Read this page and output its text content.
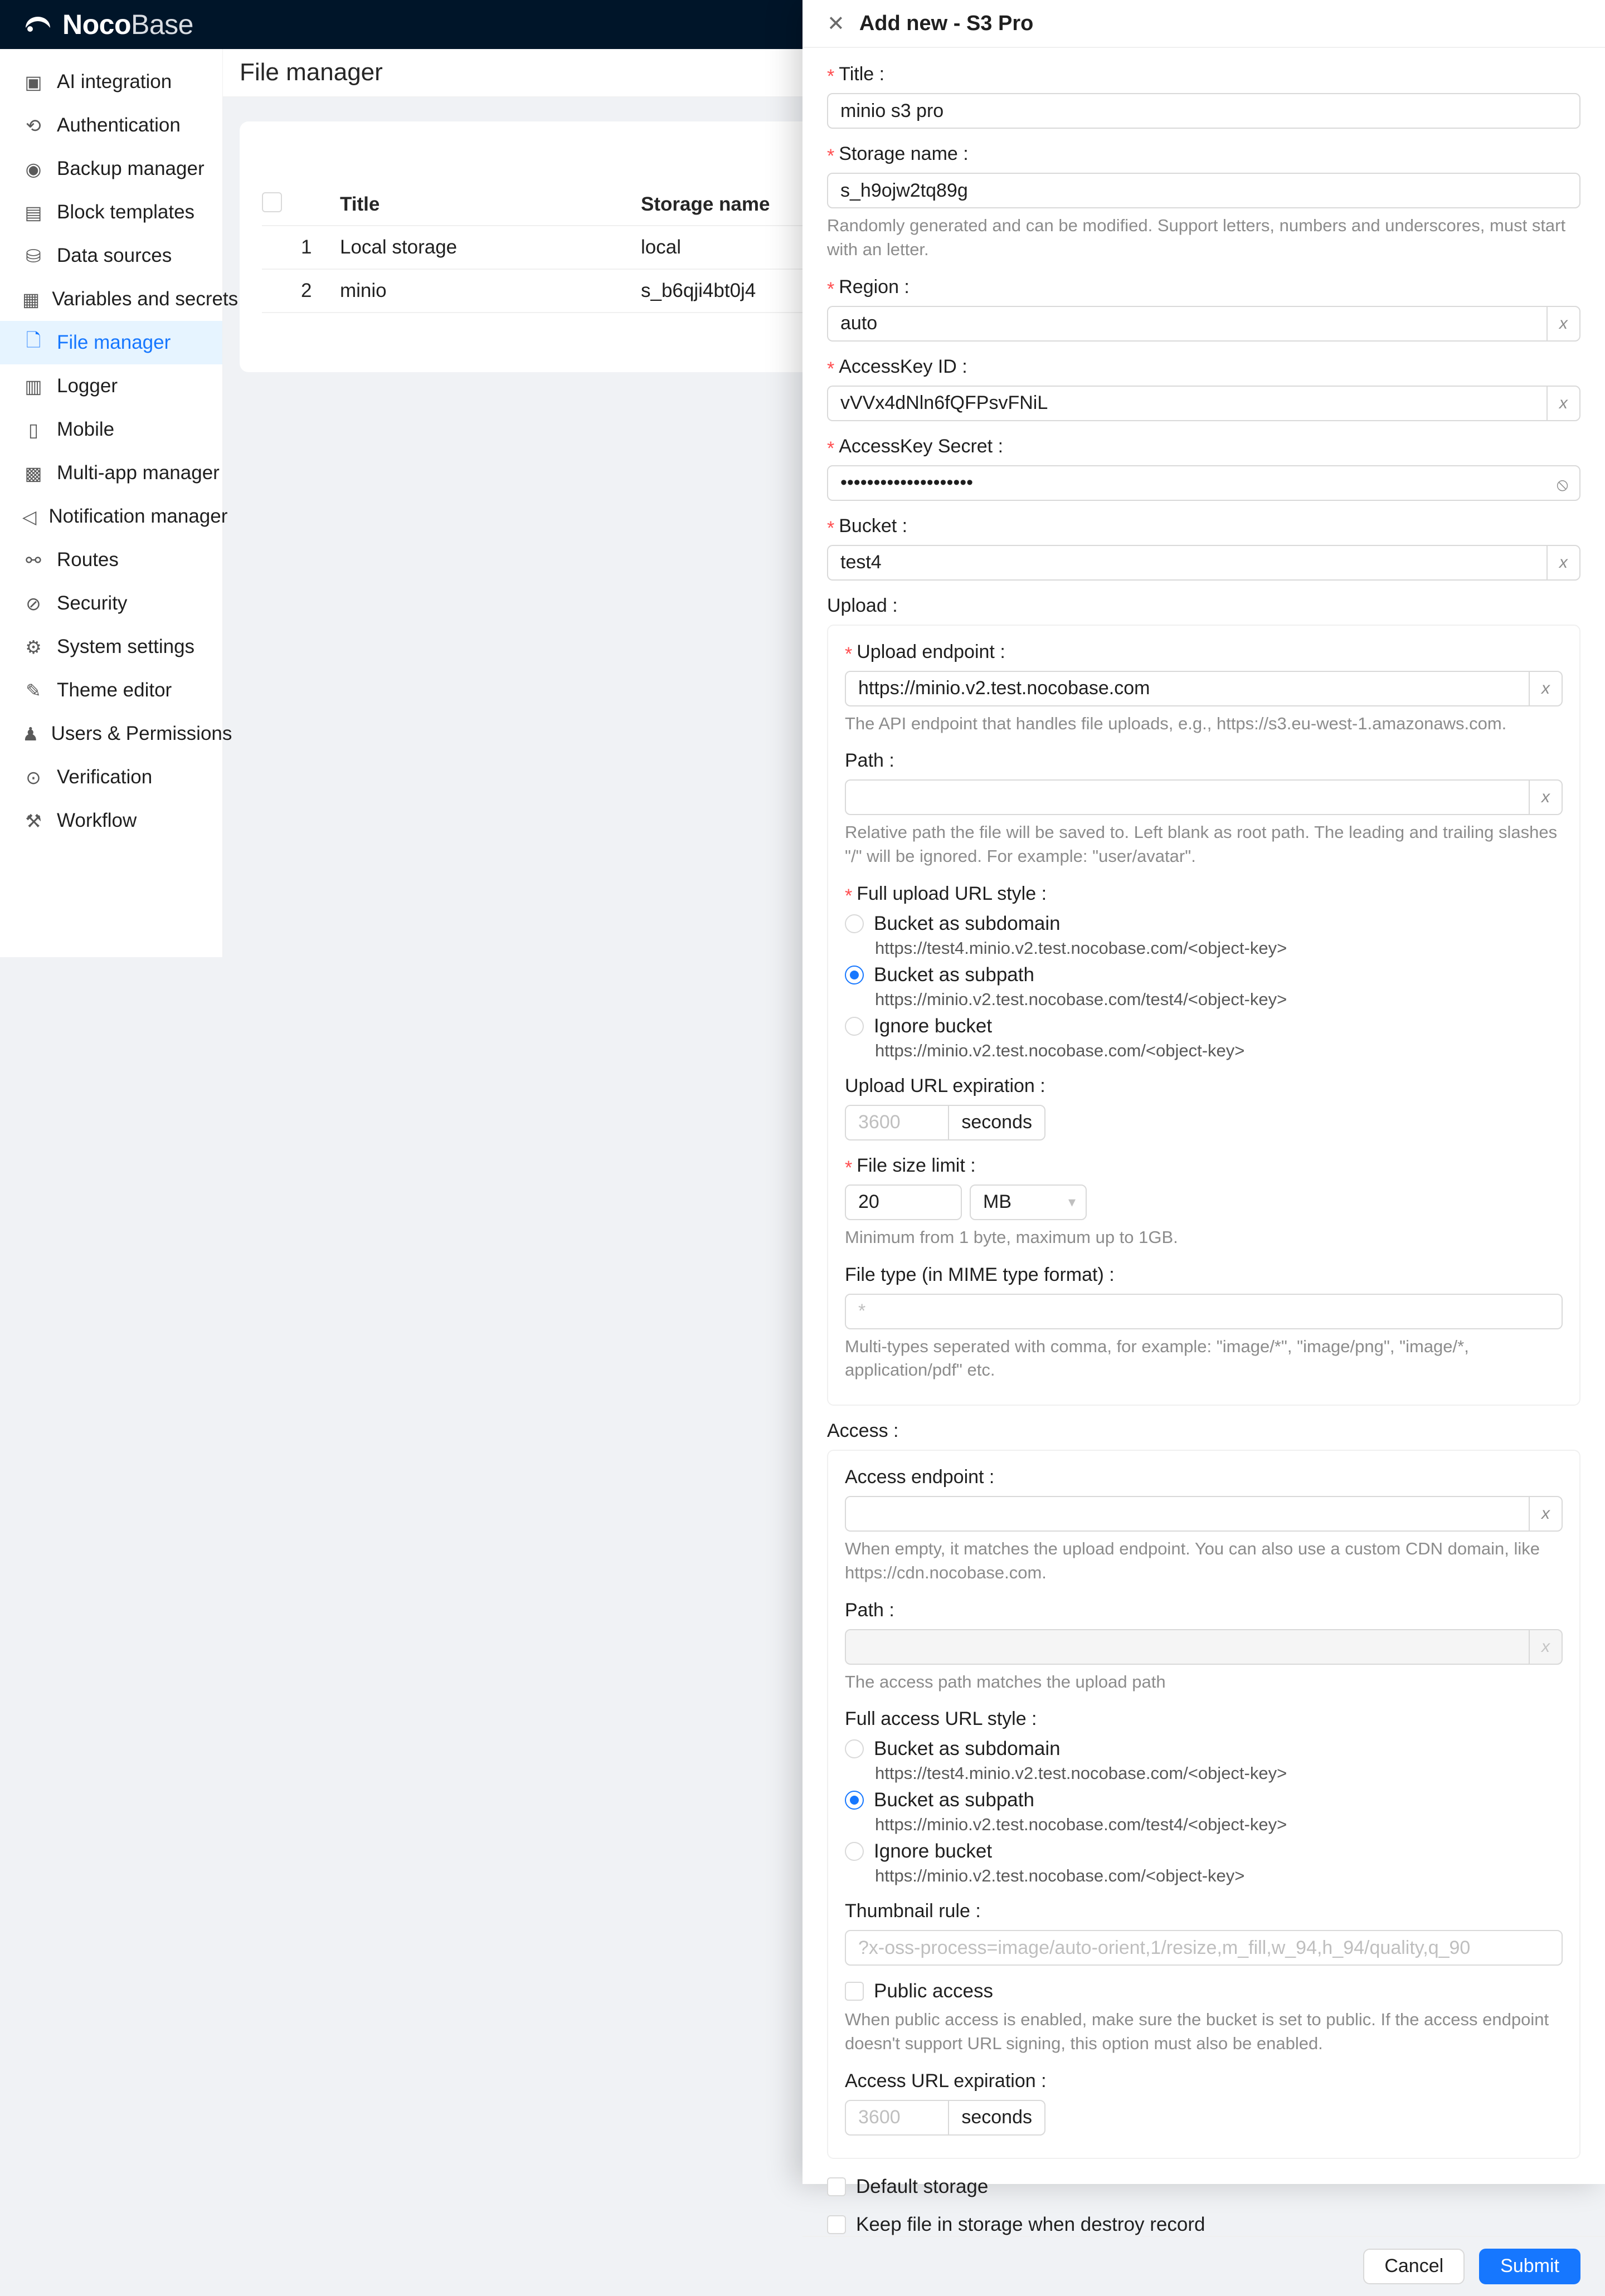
NocoBase
▣ AI integration
⟲ Authentication
◉ Backup manager
▤ Block templates
⛁ Data sources
▦ Variables and secrets
🗋 File manager
▥ Logger
▯ Mobile
▩ Multi-app manager
◁ Notification manager
⚯ Routes
⊘ Security
⚙ System settings
✎ Theme editor
♟ Users & Permissions
⊙ Verification
⚒ Workflow
File manager
Title	Storage name
1	Local storage	local
2	minio	s_b6qji4bt0j4
✕ Add new - S3 Pro
* Title :
minio s3 pro
* Storage name :
s_h9ojw2tq89g
Randomly generated and can be modified. Support letters, numbers and underscores, must start with an letter.
* Region :
auto	x
* AccessKey ID :
vVVx4dNln6fQFPsvFNiL	x
* AccessKey Secret :
••••••••••••••••••••	⦸
* Bucket :
test4	x
Upload :
* Upload endpoint :
https://minio.v2.test.nocobase.com	x
The API endpoint that handles file uploads, e.g., https://s3.eu-west-1.amazonaws.com.
Path :
x
Relative path the file will be saved to. Left blank as root path. The leading and trailing slashes "/" will be ignored. For example: "user/avatar".
* Full upload URL style :
Bucket as subdomain
https://test4.minio.v2.test.nocobase.com/<object-key>
Bucket as subpath
https://minio.v2.test.nocobase.com/test4/<object-key>
Ignore bucket
https://minio.v2.test.nocobase.com/<object-key>
Upload URL expiration :
3600	seconds
* File size limit :
20	MB	▾
Minimum from 1 byte, maximum up to 1GB.
File type (in MIME type format) :
*
Multi-types seperated with comma, for example: "image/*", "image/png", "image/*, application/pdf" etc.
Access :
Access endpoint :
x
When empty, it matches the upload endpoint. You can also use a custom CDN domain, like https://cdn.nocobase.com.
Path :
x
The access path matches the upload path
Full access URL style :
Bucket as subdomain
https://test4.minio.v2.test.nocobase.com/<object-key>
Bucket as subpath
https://minio.v2.test.nocobase.com/test4/<object-key>
Ignore bucket
https://minio.v2.test.nocobase.com/<object-key>
Thumbnail rule :
?x-oss-process=image/auto-orient,1/resize,m_fill,w_94,h_94/quality,q_90
Public access
When public access is enabled, make sure the bucket is set to public. If the access endpoint doesn't support URL signing, this option must also be enabled.
Access URL expiration :
3600	seconds
Default storage
Keep file in storage when destroy record
Cancel	Submit
